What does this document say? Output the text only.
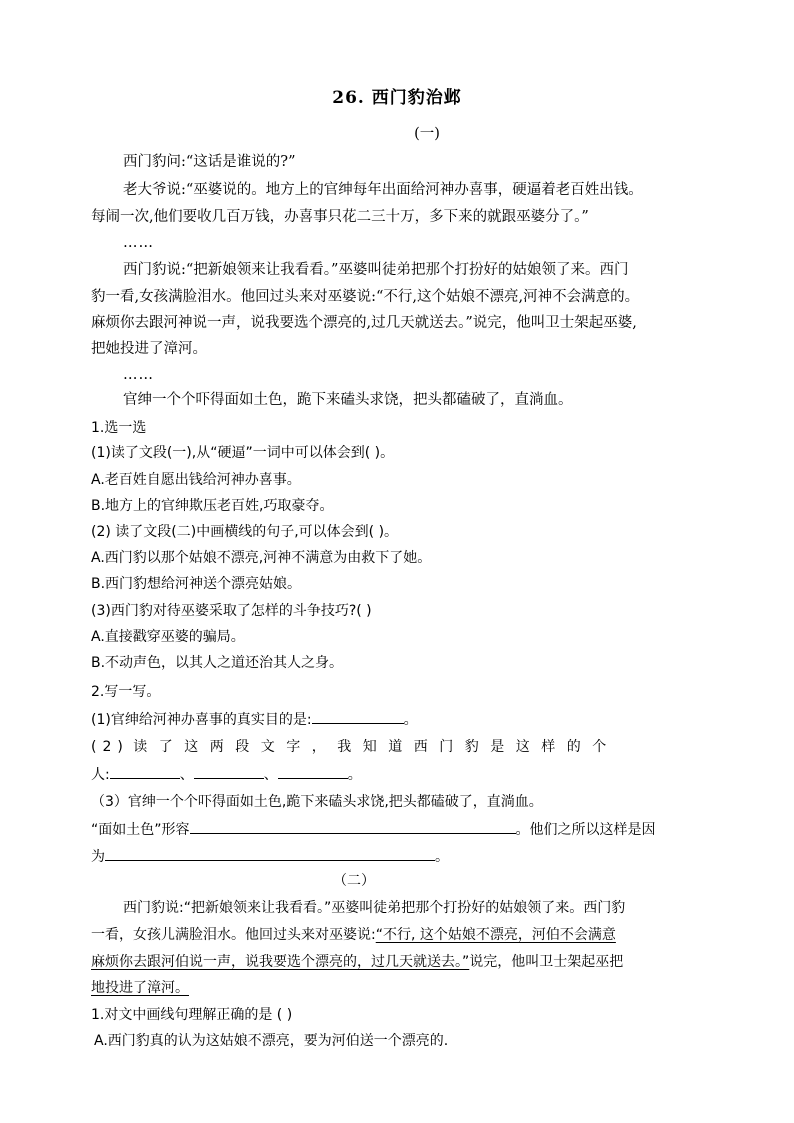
26. 西门豹治邺
(一)
西门豹问:“这话是谁说的?”
老大爷说:“巫婆说的。地方上的官绅每年出面给河神办喜事，硬逼着老百姓出钱。
每闹一次,他们要收几百万钱，办喜事只花二三十万，多下来的就跟巫婆分了。”
……
西门豹说:“把新娘领来让我看看。”巫婆叫徒弟把那个打扮好的姑娘领了来。西门
豹一看,女孩满脸泪水。他回过头来对巫婆说:“不行,这个姑娘不漂亮,河神不会满意的。
麻烦你去跟河神说一声，说我要选个漂亮的,过几天就送去。”说完，他叫卫士架起巫婆,
把她投进了漳河。
……
官绅一个个吓得面如土色，跪下来磕头求饶，把头都磕破了，直淌血。
1.选一选
(1)读了文段(一),从“硬逼”一词中可以体会到( )。
A.老百姓自愿出钱给河神办喜事。
B.地方上的官绅欺压老百姓,巧取豪夺。
(2) 读了文段(二)中画横线的句子,可以体会到( )。
A.西门豹以那个姑娘不漂亮,河神不满意为由救下了她。
B.西门豹想给河神送个漂亮姑娘。
(3)西门豹对待巫婆采取了怎样的斗争技巧?( )
A.直接戳穿巫婆的骗局。
B.不动声色，以其人之道还治其人之身。
2.写一写。
(1)官绅给河神办喜事的真实目的是:	。
(2) 读了这两段文字，我知道西门豹是这样的个
人:	、	、	。
（3）官绅一个个吓得面如土色,跪下来磕头求饶,把头都磕破了，直淌血。
“面如土色”形容	。他们之所以这样是因
为	。
（二）
西门豹说:“把新娘领来让我看看。”巫婆叫徒弟把那个打扮好的姑娘领了来。西门豹
一看，女孩儿满脸泪水。他回过头来对巫婆说:“不行, 这个姑娘不漂亮，河伯不会满意
麻烦你去跟河伯说一声，说我要选个漂亮的，过几天就送去。”说完，他叫卫士架起巫把
地投进了漳河。
1.对文中画线句理解正确的是 ( )
A.西门豹真的认为这姑娘不漂亮，要为河伯送一个漂亮的.
